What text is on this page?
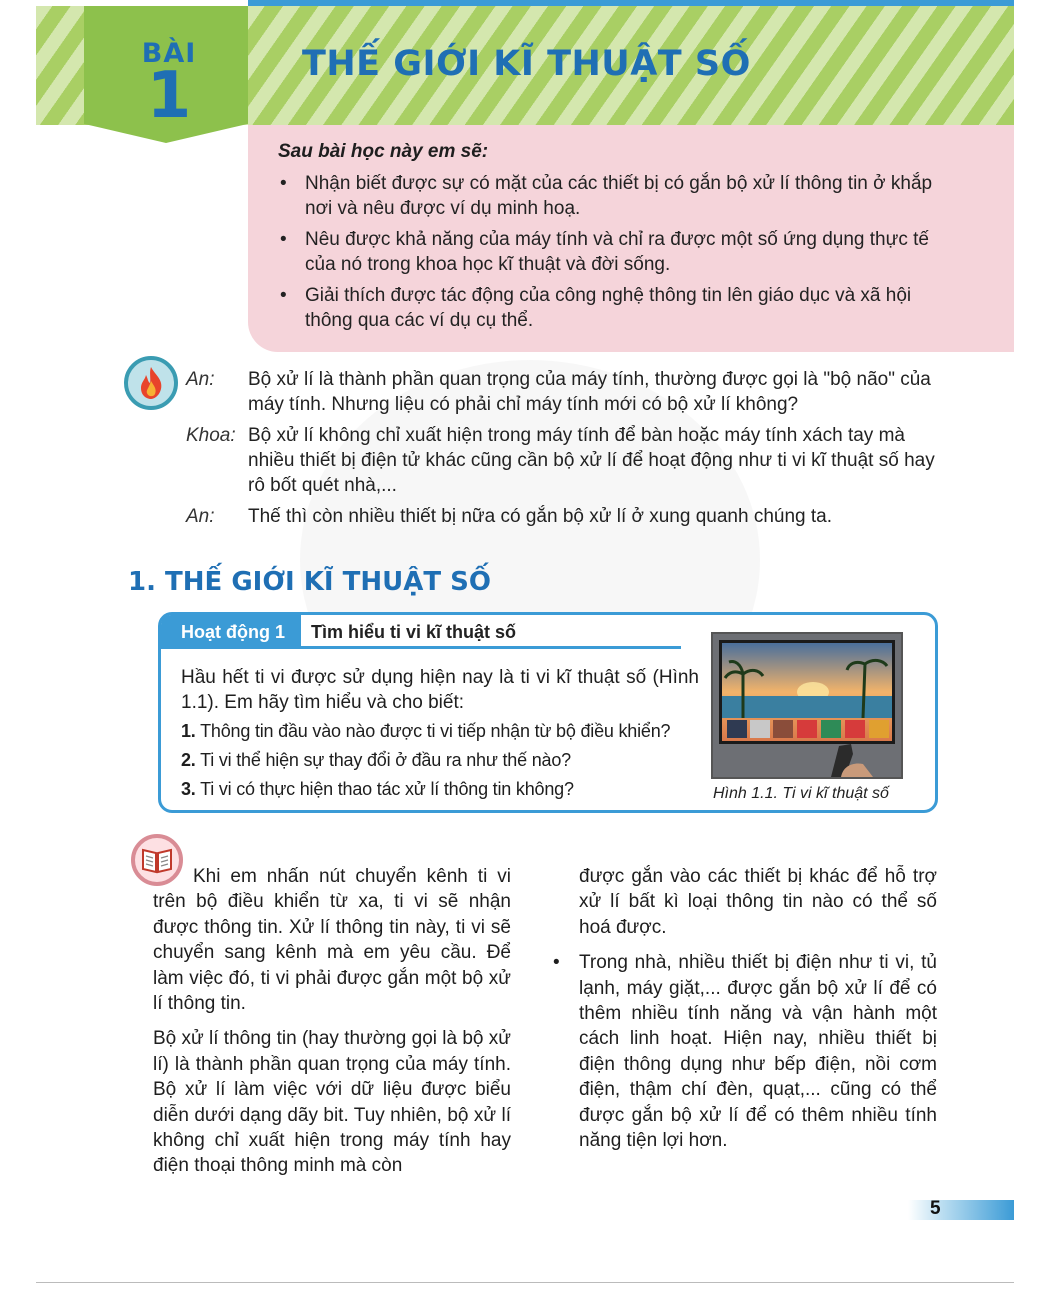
BÀI
1	THẾ GIỚI KĨ THUẬT SỐ
Sau bài học này em sẽ:
• Nhận biết được sự có mặt của các thiết bị có gắn bộ xử lí thông tin ở khắp nơi và nêu được ví dụ minh hoạ.
• Nêu được khả năng của máy tính và chỉ ra được một số ứng dụng thực tế của nó trong khoa học kĩ thuật và đời sống.
• Giải thích được tác động của công nghệ thông tin lên giáo dục và xã hội thông qua các ví dụ cụ thể.
An:	Bộ xử lí là thành phần quan trọng của máy tính, thường được gọi là "bộ não" của máy tính. Nhưng liệu có phải chỉ máy tính mới có bộ xử lí không?
Khoa: Bộ xử lí không chỉ xuất hiện trong máy tính để bàn hoặc máy tính xách tay mà nhiều thiết bị điện tử khác cũng cần bộ xử lí để hoạt động như ti vi kĩ thuật số hay rô bốt quét nhà,...
An:	Thế thì còn nhiều thiết bị nữa có gắn bộ xử lí ở xung quanh chúng ta.
1. THẾ GIỚI KĨ THUẬT SỐ
Hoạt động 1	Tìm hiểu ti vi kĩ thuật số

Hầu hết ti vi được sử dụng hiện nay là ti vi kĩ thuật số (Hình 1.1). Em hãy tìm hiểu và cho biết:

1. Thông tin đầu vào nào được ti vi tiếp nhận từ bộ điều khiển?

2. Ti vi thể hiện sự thay đổi ở đầu ra như thế nào?

3. Ti vi có thực hiện thao tác xử lí thông tin không?	Hình 1.1. Ti vi kĩ thuật số

Khi em nhấn nút chuyển kênh ti vi trên bộ điều khiển từ xa, ti vi sẽ nhận được thông tin. Xử lí thông tin này, ti vi sẽ chuyển sang kênh mà em yêu cầu. Để làm việc đó, ti vi phải được gắn một bộ xử lí thông tin.

Bộ xử lí thông tin (hay thường gọi là bộ xử lí) là thành phần quan trọng của máy tính. Bộ xử lí làm việc với dữ liệu được biểu diễn dưới dạng dãy bit. Tuy nhiên, bộ xử lí không chỉ xuất hiện trong máy tính hay điện thoại thông minh mà còn

được gắn vào các thiết bị khác để hỗ trợ xử lí bất kì loại thông tin nào có thể số hoá được.

• Trong nhà, nhiều thiết bị điện như ti vi, tủ lạnh, máy giặt,... được gắn bộ xử lí để có thêm nhiều tính năng và vận hành một cách linh hoạt. Hiện nay, nhiều thiết bị điện thông dụng như bếp điện, nồi cơm điện, thậm chí đèn, quạt,... cũng có thể được gắn bộ xử lí để có thêm nhiều tính năng tiện lợi hơn.

5
